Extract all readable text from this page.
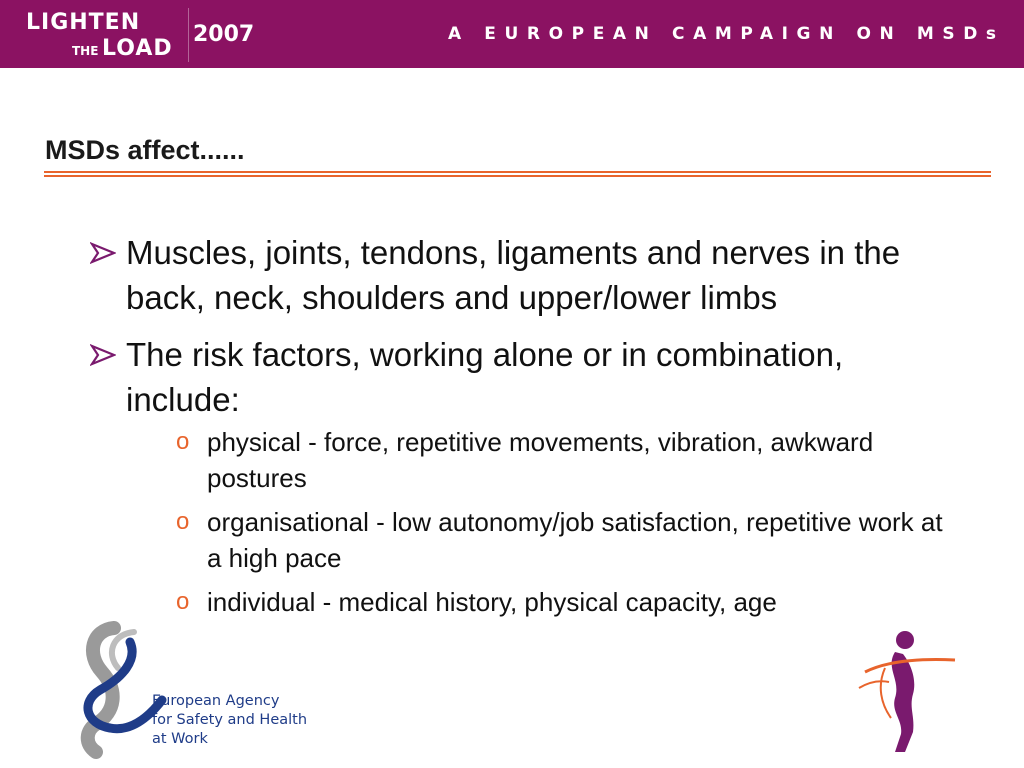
LIGHTEN
THE LOAD
2007	A EUROPEAN CAMPAIGN ON MSDs
MSDs affect......
Muscles, joints, tendons, ligaments and nerves in the back, neck, shoulders and upper/lower limbs
The risk factors, working alone or in combination, include:
o physical - force, repetitive movements, vibration, awkward postures
o organisational - low autonomy/job satisfaction, repetitive work at a high pace
o individual - medical history, physical capacity, age
European Agency
for Safety and Health
at Work
